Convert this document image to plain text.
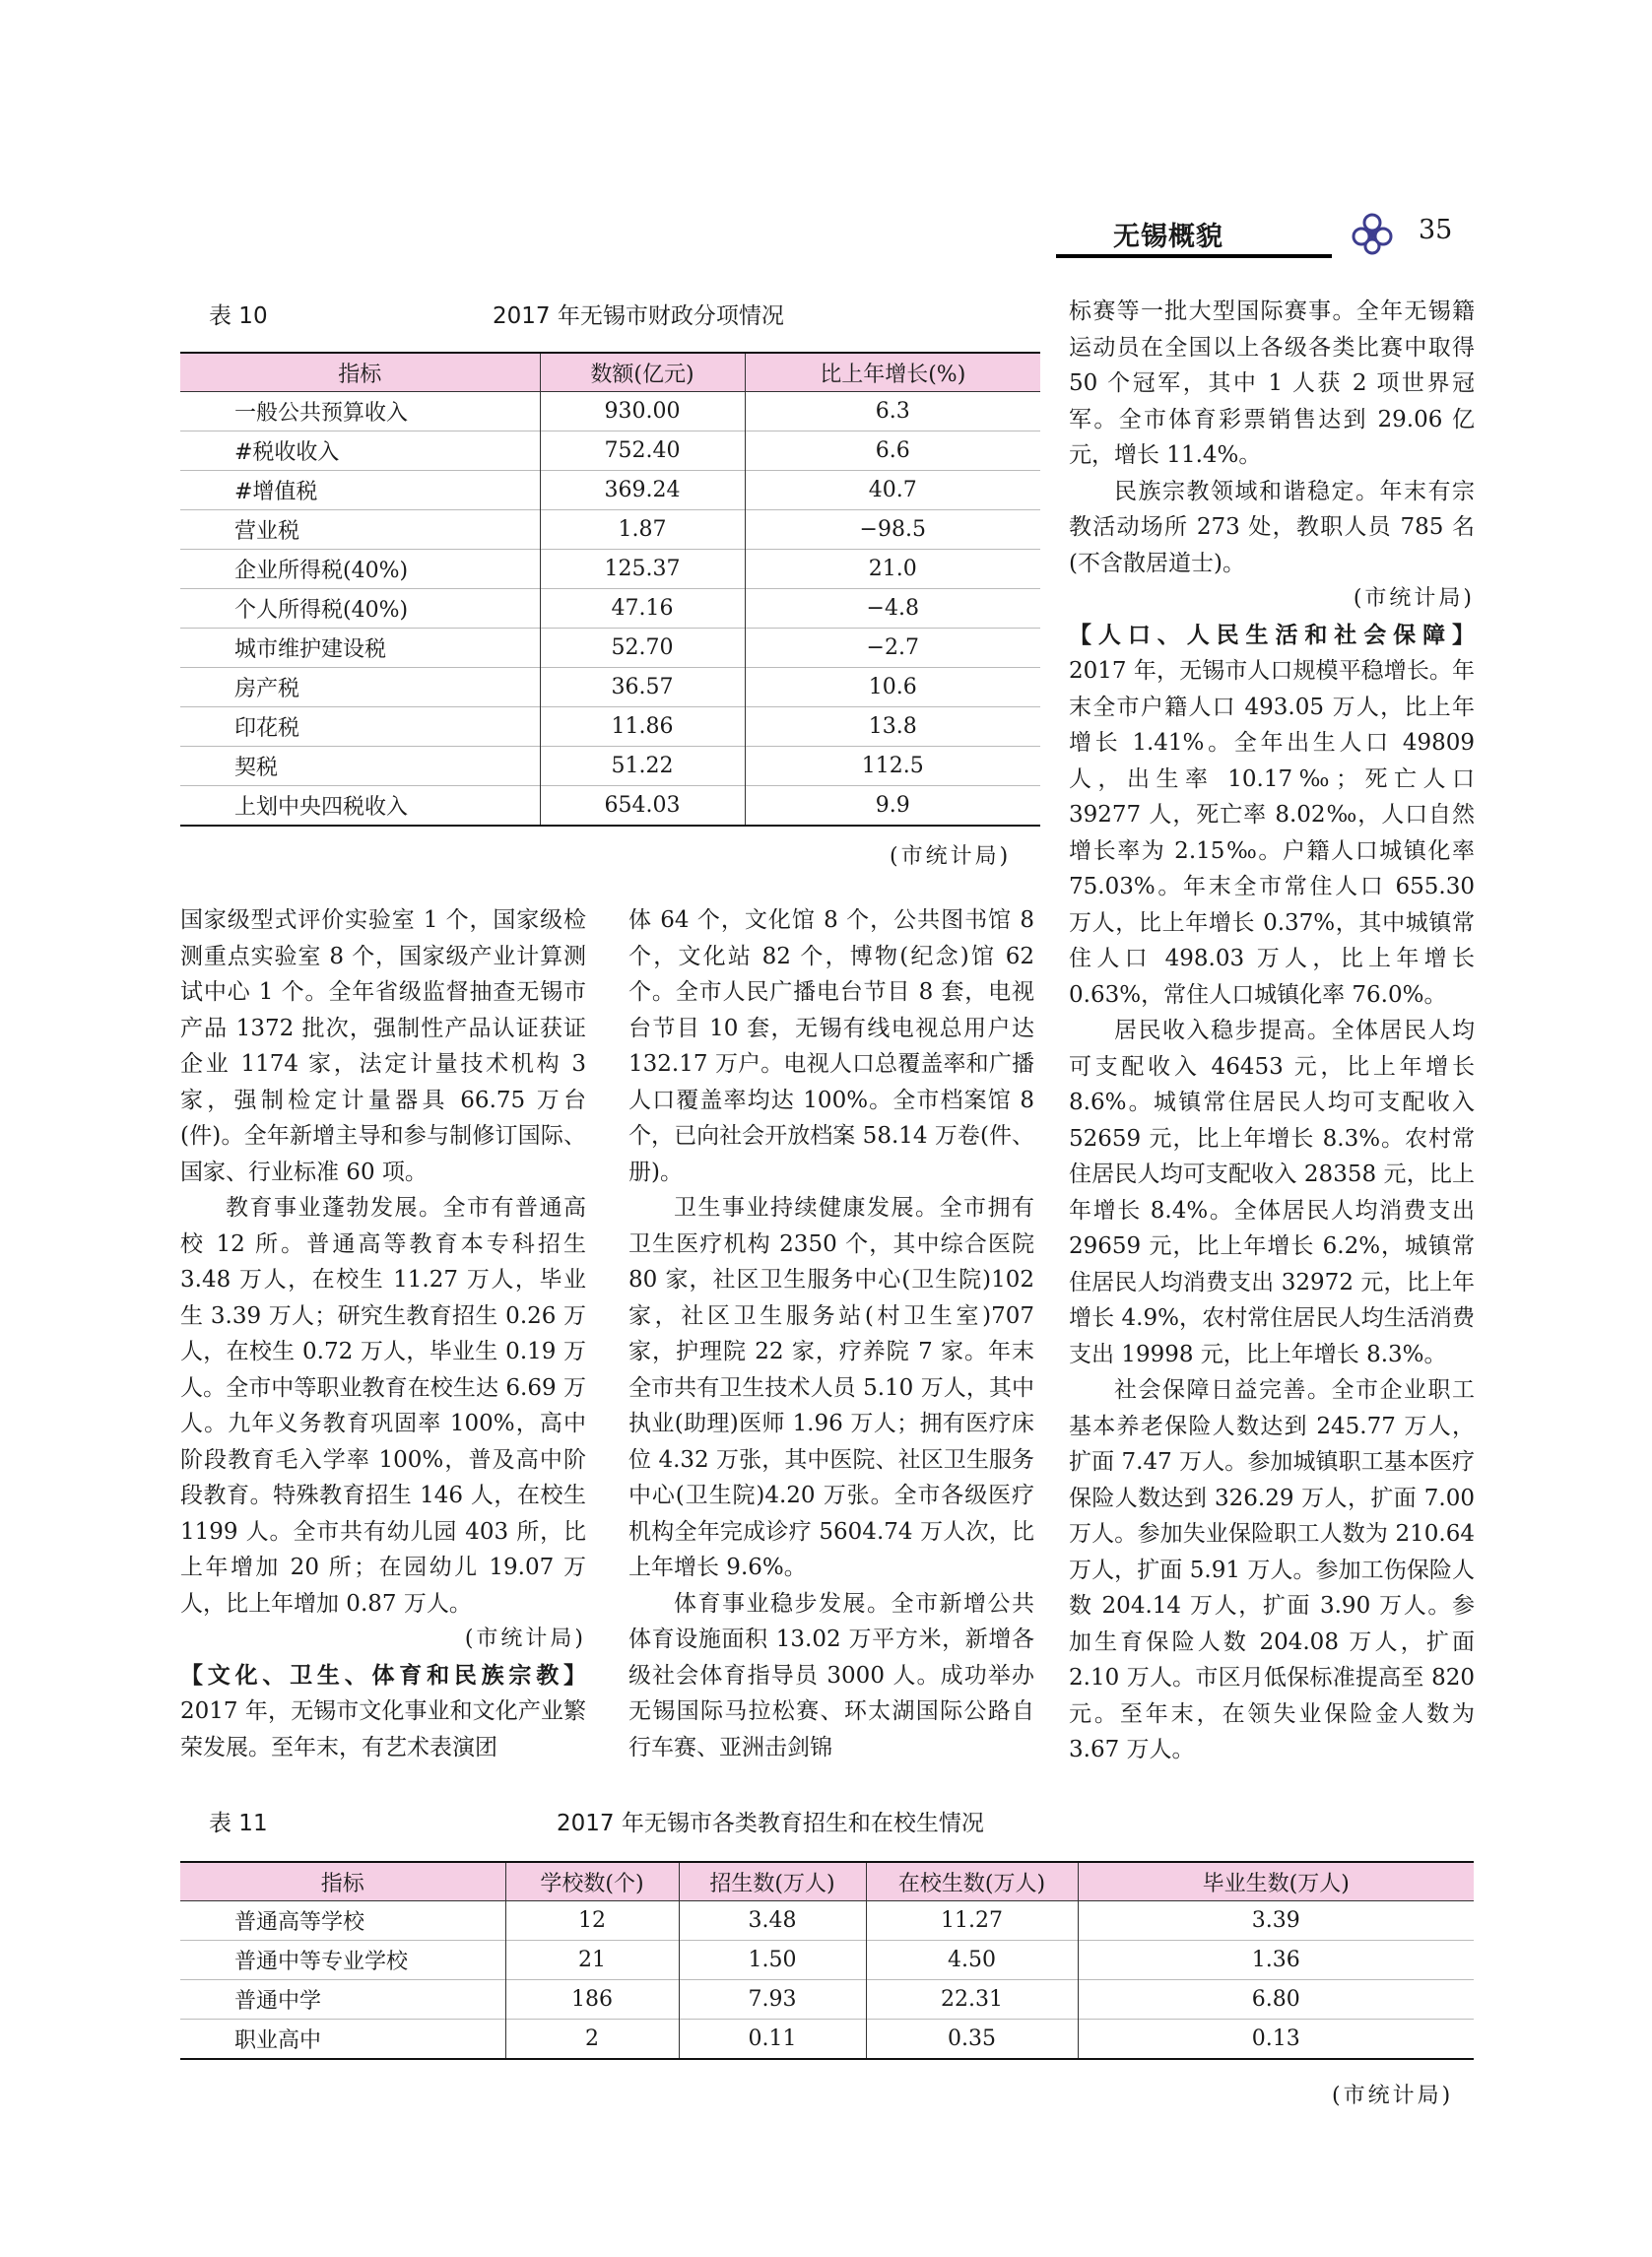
无锡概貌	35
表 10	2017 年无锡市财政分项情况
指标	数额(亿元)	比上年增长(%)
一般公共预算收入	930.00	6.3
#税收收入	752.40	6.6
#增值税	369.24	40.7
营业税	1.87	−98.5
企业所得税(40%)	125.37	21.0
个人所得税(40%)	47.16	−4.8
城市维护建设税	52.70	−2.7
房产税	36.57	10.6
印花税	11.86	13.8
契税	51.22	112.5
上划中央四税收入	654.03	9.9
(市统计局)

国家级型式评价实验室 1 个，国家级检测重点实验室 8 个，国家级产业计算测试中心 1 个。全年省级监督抽查无锡市产品 1372 批次，强制性产品认证获证企业 1174 家，法定计量技术机构 3 家，强制检定计量器具 66.75 万台(件)。全年新增主导和参与制修订国际、国家、行业标准 60 项。

教育事业蓬勃发展。全市有普通高校 12 所。普通高等教育本专科招生 3.48 万人，在校生 11.27 万人，毕业生 3.39 万人；研究生教育招生 0.26 万人，在校生 0.72 万人，毕业生 0.19 万人。全市中等职业教育在校生达 6.69 万人。九年义务教育巩固率 100%，高中阶段教育毛入学率 100%，普及高中阶段教育。特殊教育招生 146 人，在校生 1199 人。全市共有幼儿园 403 所，比上年增加 20 所；在园幼儿 19.07 万人，比上年增加 0.87 万人。

(市统计局)

【文化、卫生、体育和民族宗教】

2017 年，无锡市文化事业和文化产业繁荣发展。至年末，有艺术表演团

体 64 个，文化馆 8 个，公共图书馆 8 个，文化站 82 个，博物(纪念)馆 62 个。全市人民广播电台节目 8 套，电视台节目 10 套，无锡有线电视总用户达 132.17 万户。电视人口总覆盖率和广播人口覆盖率均达 100%。全市档案馆 8 个，已向社会开放档案 58.14 万卷(件、册)。

卫生事业持续健康发展。全市拥有卫生医疗机构 2350 个，其中综合医院 80 家，社区卫生服务中心(卫生院)102 家，社区卫生服务站(村卫生室)707 家，护理院 22 家，疗养院 7 家。年末全市共有卫生技术人员 5.10 万人，其中执业(助理)医师 1.96 万人；拥有医疗床位 4.32 万张，其中医院、社区卫生服务中心(卫生院)4.20 万张。全市各级医疗机构全年完成诊疗 5604.74 万人次，比上年增长 9.6%。

体育事业稳步发展。全市新增公共体育设施面积 13.02 万平方米，新增各级社会体育指导员 3000 人。成功举办无锡国际马拉松赛、环太湖国际公路自行车赛、亚洲击剑锦

标赛等一批大型国际赛事。全年无锡籍运动员在全国以上各级各类比赛中取得 50 个冠军，其中 1 人获 2 项世界冠军。全市体育彩票销售达到 29.06 亿元，增长 11.4%。

民族宗教领域和谐稳定。年末有宗教活动场所 273 处，教职人员 785 名(不含散居道士)。

(市统计局)

【人口、人民生活和社会保障】

2017 年，无锡市人口规模平稳增长。年末全市户籍人口 493.05 万人，比上年增长 1.41%。全年出生人口 49809 人，出生率 10.17‰；死亡人口 39277 人，死亡率 8.02‰，人口自然增长率为 2.15‰。户籍人口城镇化率 75.03%。年末全市常住人口 655.30 万人，比上年增长 0.37%，其中城镇常住人口 498.03 万人，比上年增长 0.63%，常住人口城镇化率 76.0%。

居民收入稳步提高。全体居民人均可支配收入 46453 元，比上年增长 8.6%。城镇常住居民人均可支配收入 52659 元，比上年增长 8.3%。农村常住居民人均可支配收入 28358 元，比上年增长 8.4%。全体居民人均消费支出 29659 元，比上年增长 6.2%，城镇常住居民人均消费支出 32972 元，比上年增长 4.9%，农村常住居民人均生活消费支出 19998 元，比上年增长 8.3%。

社会保障日益完善。全市企业职工基本养老保险人数达到 245.77 万人，扩面 7.47 万人。参加城镇职工基本医疗保险人数达到 326.29 万人，扩面 7.00 万人。参加失业保险职工人数为 210.64 万人，扩面 5.91 万人。参加工伤保险人数 204.14 万人，扩面 3.90 万人。参加生育保险人数 204.08 万人，扩面 2.10 万人。市区月低保标准提高至 820 元。至年末，在领失业保险金人数为 3.67 万人。

表 11	2017 年无锡市各类教育招生和在校生情况
指标	学校数(个)	招生数(万人)	在校生数(万人)	毕业生数(万人)
普通高等学校	12	3.48	11.27	3.39
普通中等专业学校	21	1.50	4.50	1.36
普通中学	186	7.93	22.31	6.80
职业高中	2	0.11	0.35	0.13
(市统计局)
